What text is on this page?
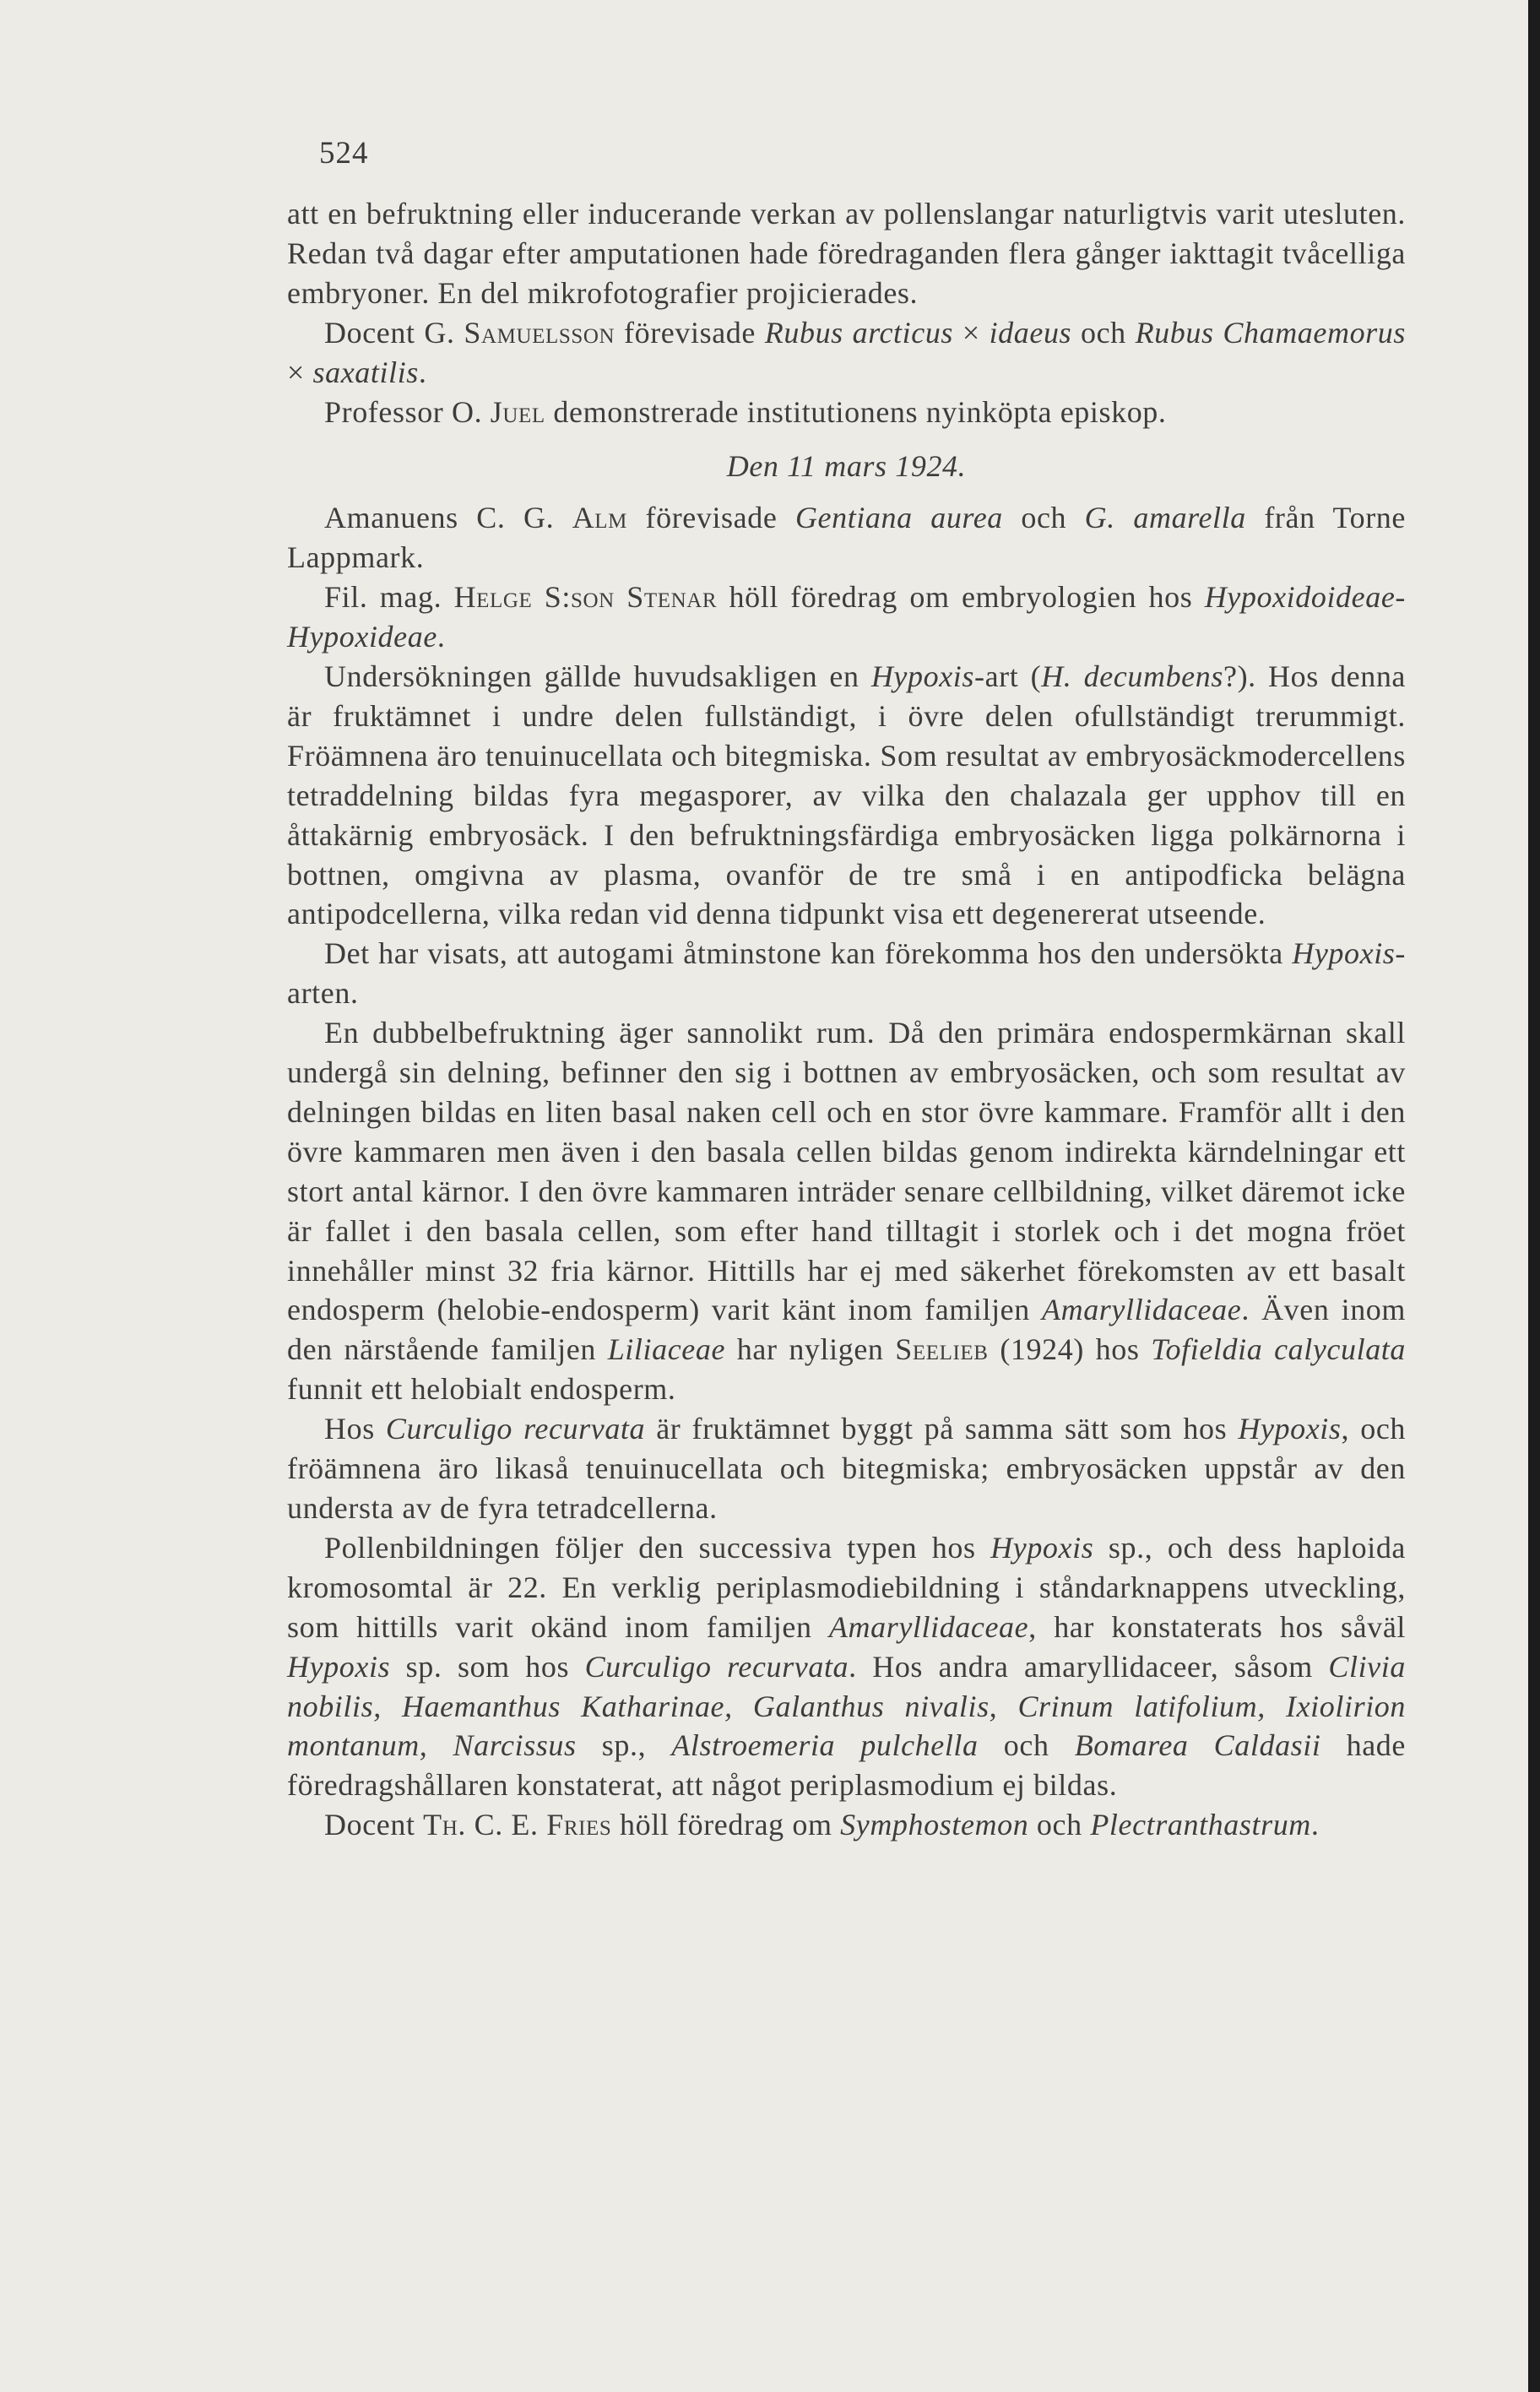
524

att en befruktning eller inducerande verkan av pollenslangar naturligtvis varit utesluten. Redan två dagar efter amputationen hade föredraganden flera gånger iakttagit tvåcelliga embryoner. En del mikrofotografier projicierades.

Docent G. Samuelsson förevisade Rubus arcticus × idaeus och Rubus Chamaemorus × saxatilis.

Professor O. Juel demonstrerade institutionens nyinköpta episkop.

Den 11 mars 1924.

Amanuens C. G. Alm förevisade Gentiana aurea och G. amarella från Torne Lappmark.

Fil. mag. Helge S:son Stenar höll föredrag om embryologien hos Hypoxidoideae-Hypoxideae.

Undersökningen gällde huvudsakligen en Hypoxis-art (H. decumbens?). Hos denna är fruktämnet i undre delen fullständigt, i övre delen ofullständigt trerummigt. Fröämnena äro tenuinucellata och bitegmiska. Som resultat av embryosäckmodercellens tetraddelning bildas fyra megasporer, av vilka den chalazala ger upphov till en åttakärnig embryosäck. I den befruktningsfärdiga embryosäcken ligga polkärnorna i bottnen, omgivna av plasma, ovanför de tre små i en antipodficka belägna antipodcellerna, vilka redan vid denna tidpunkt visa ett degenererat utseende.

Det har visats, att autogami åtminstone kan förekomma hos den undersökta Hypoxis-arten.

En dubbelbefruktning äger sannolikt rum. Då den primära endospermkärnan skall undergå sin delning, befinner den sig i bottnen av embryosäcken, och som resultat av delningen bildas en liten basal naken cell och en stor övre kammare. Framför allt i den övre kammaren men även i den basala cellen bildas genom indirekta kärndelningar ett stort antal kärnor. I den övre kammaren inträder senare cellbildning, vilket däremot icke är fallet i den basala cellen, som efter hand tilltagit i storlek och i det mogna fröet innehåller minst 32 fria kärnor. Hittills har ej med säkerhet förekomsten av ett basalt endosperm (helobie-endosperm) varit känt inom familjen Amaryllidaceae. Även inom den närstående familjen Liliaceae har nyligen Seelieb (1924) hos Tofieldia calyculata funnit ett helobialt endosperm.

Hos Curculigo recurvata är fruktämnet byggt på samma sätt som hos Hypoxis, och fröämnena äro likaså tenuinucellata och bitegmiska; embryosäcken uppstår av den understa av de fyra tetradcellerna.

Pollenbildningen följer den successiva typen hos Hypoxis sp., och dess haploida kromosomtal är 22. En verklig periplasmodiebildning i ståndarknappens utveckling, som hittills varit okänd inom familjen Amaryllidaceae, har konstaterats hos såväl Hypoxis sp. som hos Curculigo recurvata. Hos andra amaryllidaceer, såsom Clivia nobilis, Haemanthus Katharinae, Galanthus nivalis, Crinum latifolium, Ixiolirion montanum, Narcissus sp., Alstroemeria pulchella och Bomarea Caldasii hade föredragshållaren konstaterat, att något periplasmodium ej bildas.

Docent Th. C. E. Fries höll föredrag om Symphostemon och Plectranthastrum.
